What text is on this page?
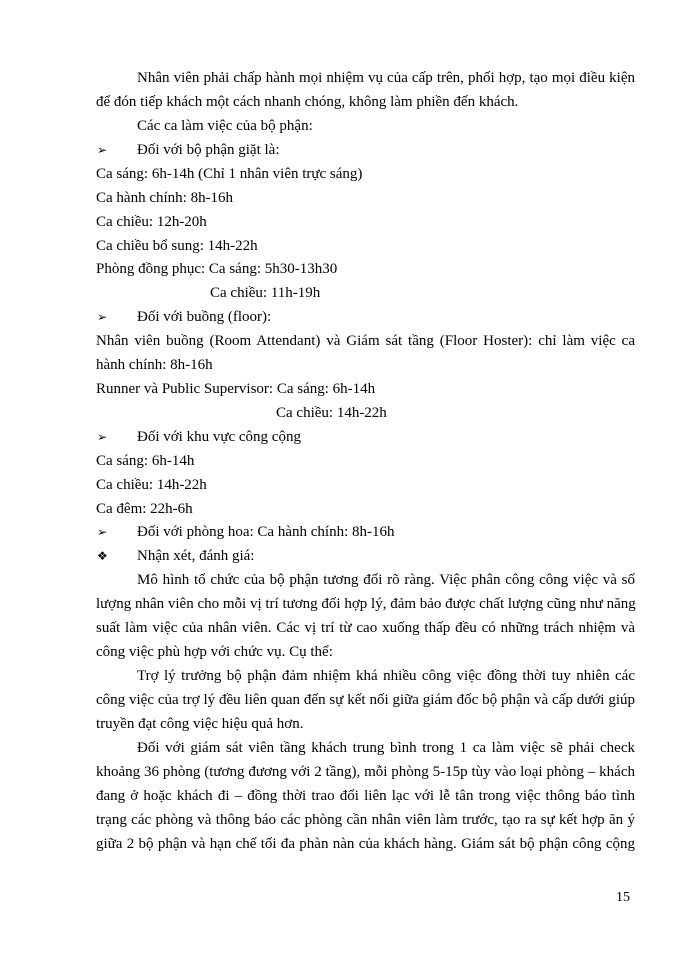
Nhân viên phải chấp hành mọi nhiệm vụ của cấp trên, phối hợp, tạo mọi điều kiện
để đón tiếp khách một cách nhanh chóng, không làm phiền đến khách.
Các ca làm việc của bộ phận:
➢ Đối với bộ phận giặt là:
Ca sáng: 6h-14h (Chỉ 1 nhân viên trực sáng)
Ca hành chính: 8h-16h
Ca chiều: 12h-20h
Ca chiều bổ sung: 14h-22h
Phòng đồng phục: Ca sáng: 5h30-13h30
Ca chiều: 11h-19h
➢ Đối với buồng (floor):
Nhân viên buồng (Room Attendant) và Giám sát tầng (Floor Hoster): chỉ làm việc ca
hành chính: 8h-16h
Runner và Public Supervisor: Ca sáng: 6h-14h
Ca chiều: 14h-22h
➢ Đối với khu vực công cộng
Ca sáng: 6h-14h
Ca chiều: 14h-22h
Ca đêm: 22h-6h
➢ Đối với phòng hoa: Ca hành chính: 8h-16h
❖ Nhận xét, đánh giá:
Mô hình tổ chức của bộ phận tương đối rõ ràng. Việc phân công công việc và số
lượng nhân viên cho mỗi vị trí tương đối hợp lý, đảm bảo được chất lượng cũng như năng
suất làm việc của nhân viên. Các vị trí từ cao xuống thấp đều có những trách nhiệm và
công việc phù hợp với chức vụ. Cụ thể:
Trợ lý trưởng bộ phận đảm nhiệm khá nhiều công việc đồng thời tuy nhiên các
công việc của trợ lý đều liên quan đến sự kết nối giữa giám đốc bộ phận và cấp dưới giúp
truyền đạt công việc hiệu quả hơn.
Đối với giám sát viên tầng khách trung bình trong 1 ca làm việc sẽ phải check
khoảng 36 phòng (tương đương với 2 tầng), mỗi phòng 5-15p tùy vào loại phòng – khách
đang ở hoặc khách đi – đồng thời trao đổi liên lạc với lễ tân trong việc thông báo tình
trạng các phòng và thông báo các phòng cần nhân viên làm trước, tạo ra sự kết hợp ăn ý
giữa 2 bộ phận và hạn chế tối đa phàn nàn của khách hàng. Giám sát bộ phận công cộng
15
